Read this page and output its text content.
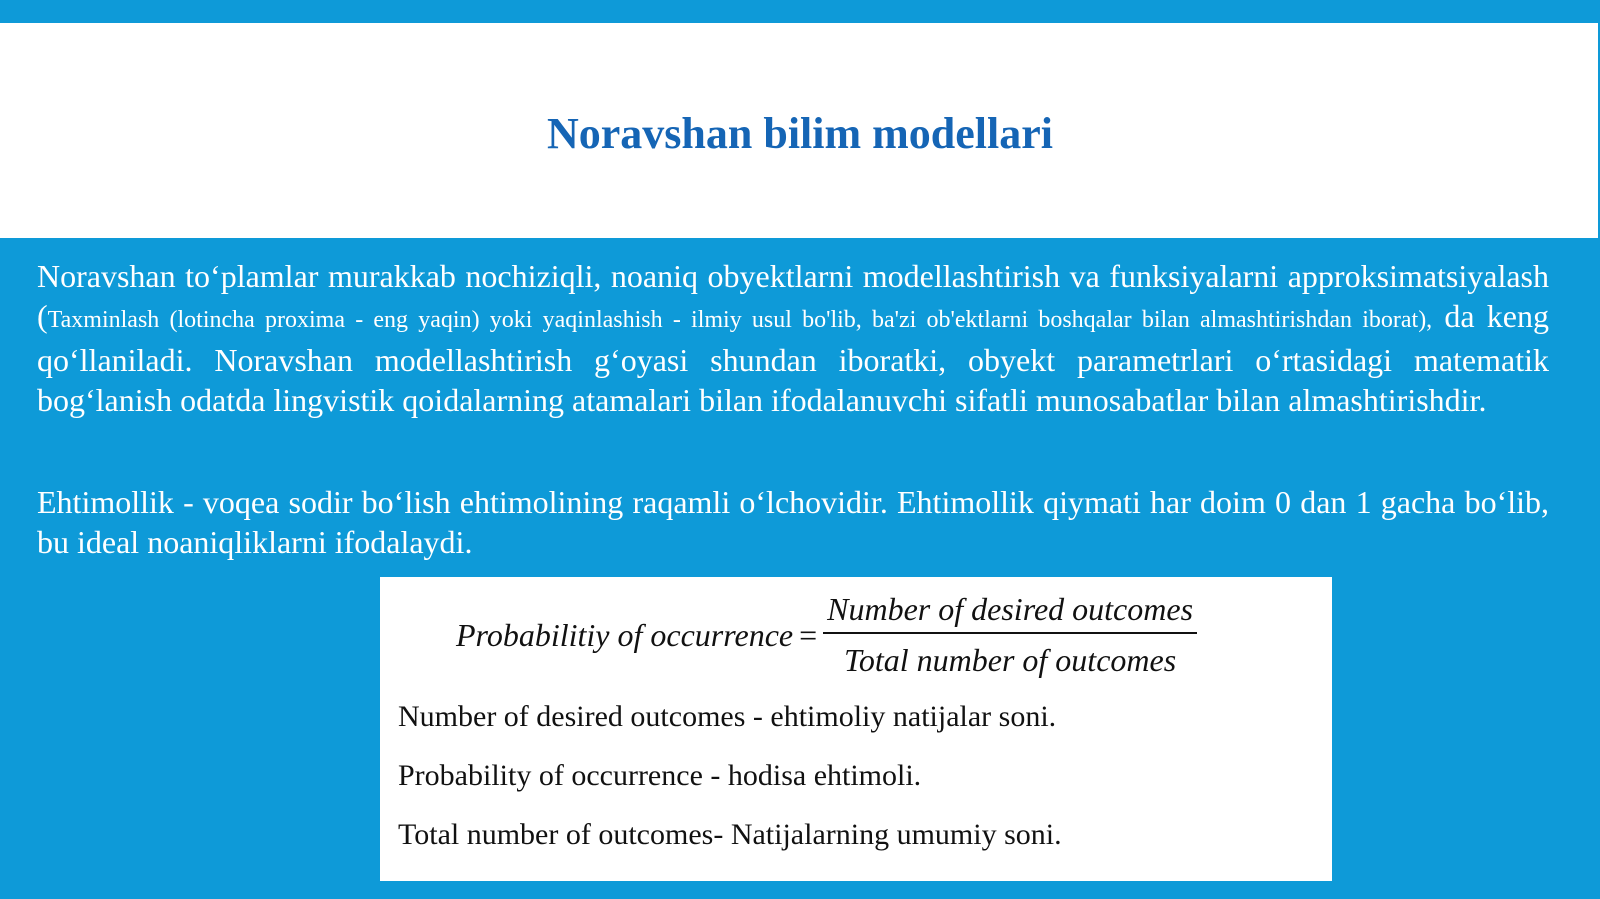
Noravshan bilim modellari

Noravshan to‘plamlar murakkab nochiziqli, noaniq obyektlarni modellashtirish va funksiyalarni approksimatsiyalash (Taxminlash (lotincha proxima - eng yaqin) yoki yaqinlashish - ilmiy usul bo'lib, ba'zi ob'ektlarni boshqalar bilan almashtirishdan iborat), da keng qo‘llaniladi. Noravshan modellashtirish g‘oyasi shundan iboratki, obyekt parametrlari o‘rtasidagi matematik bog‘lanish odatda lingvistik qoidalarning atamalari bilan ifodalanuvchi sifatli munosabatlar bilan almashtirishdir.

Ehtimollik - voqea sodir bo‘lish ehtimolining raqamli o‘lchovidir. Ehtimollik qiymati har doim 0 dan 1 gacha bo‘lib, bu ideal noaniqliklarni ifodalaydi.

Probabilitiy of occurrence = $\frac{\text{Number of desired outcomes}}{\text{Total number of outcomes}}$

Number of desired outcomes - ehtimoliy natijalar soni.

Probability of occurrence - hodisa ehtimoli.

Total number of outcomes- Natijalarning umumiy soni.
